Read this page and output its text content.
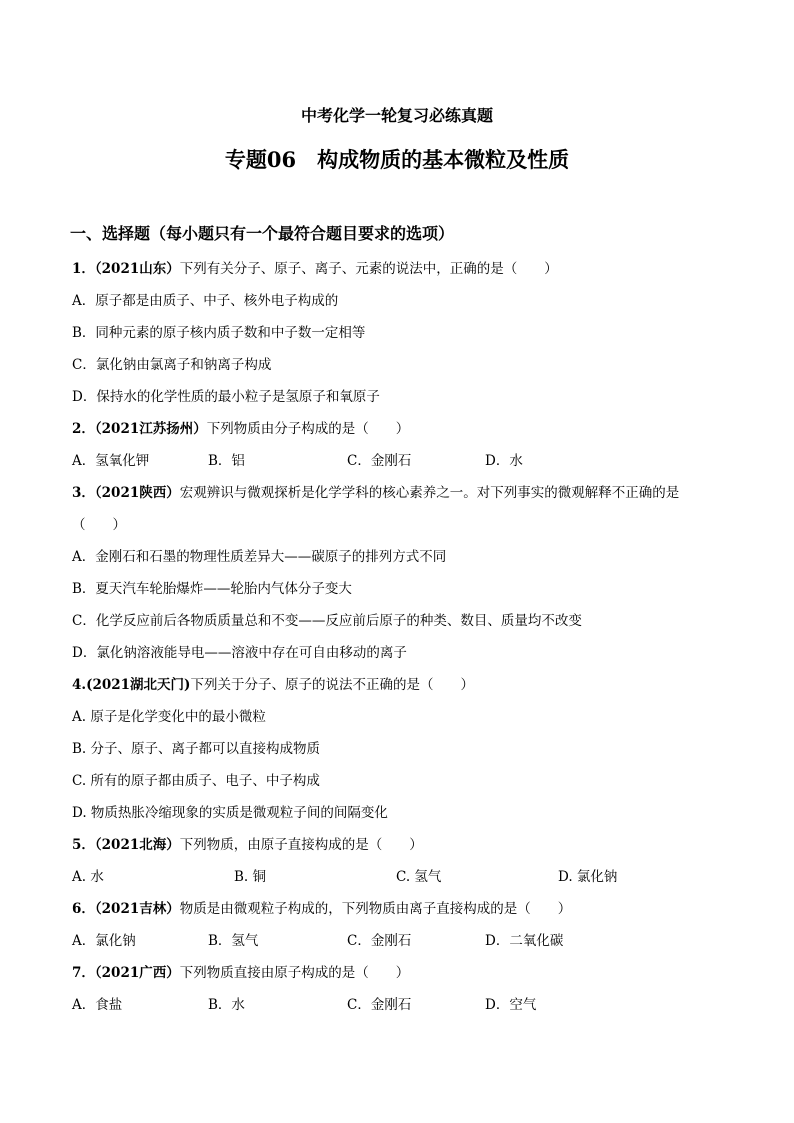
中考化学一轮复习必练真题
专题06　构成物质的基本微粒及性质
一、选择题（每小题只有一个最符合题目要求的选项）
1．（2021山东）下列有关分子、原子、离子、元素的说法中，正确的是（　　）
A．原子都是由质子、中子、核外电子构成的
B．同种元素的原子核内质子数和中子数一定相等
C．氯化钠由氯离子和钠离子构成
D．保持水的化学性质的最小粒子是氢原子和氧原子
2．（2021江苏扬州）下列物质由分子构成的是（　　）
A．氢氧化钾	B．铝	C．金刚石	D．水
3．（2021陕西）宏观辨识与微观探析是化学学科的核心素养之一。对下列事实的微观解释不正确的是
（　　）
A．金刚石和石墨的物理性质差异大——碳原子的排列方式不同
B．夏天汽车轮胎爆炸——轮胎内气体分子变大
C．化学反应前后各物质质量总和不变——反应前后原子的种类、数目、质量均不改变
D．氯化钠溶液能导电——溶液中存在可自由移动的离子
4.(2021湖北天门)下列关于分子、原子的说法不正确的是（　　）
A. 原子是化学变化中的最小微粒
B. 分子、原子、离子都可以直接构成物质
C. 所有的原子都由质子、电子、中子构成
D. 物质热胀冷缩现象的实质是微观粒子间的间隔变化
5．（2021北海）下列物质，由原子直接构成的是（　　）
A. 水	B. 铜	C. 氢气	D. 氯化钠
6．（2021吉林）物质是由微观粒子构成的，下列物质由离子直接构成的是（　　）
A．氯化钠	B．氢气	C．金刚石	D．二氧化碳
7．（2021广西）下列物质直接由原子构成的是（　　）
A．食盐	B．水	C．金刚石	D．空气
